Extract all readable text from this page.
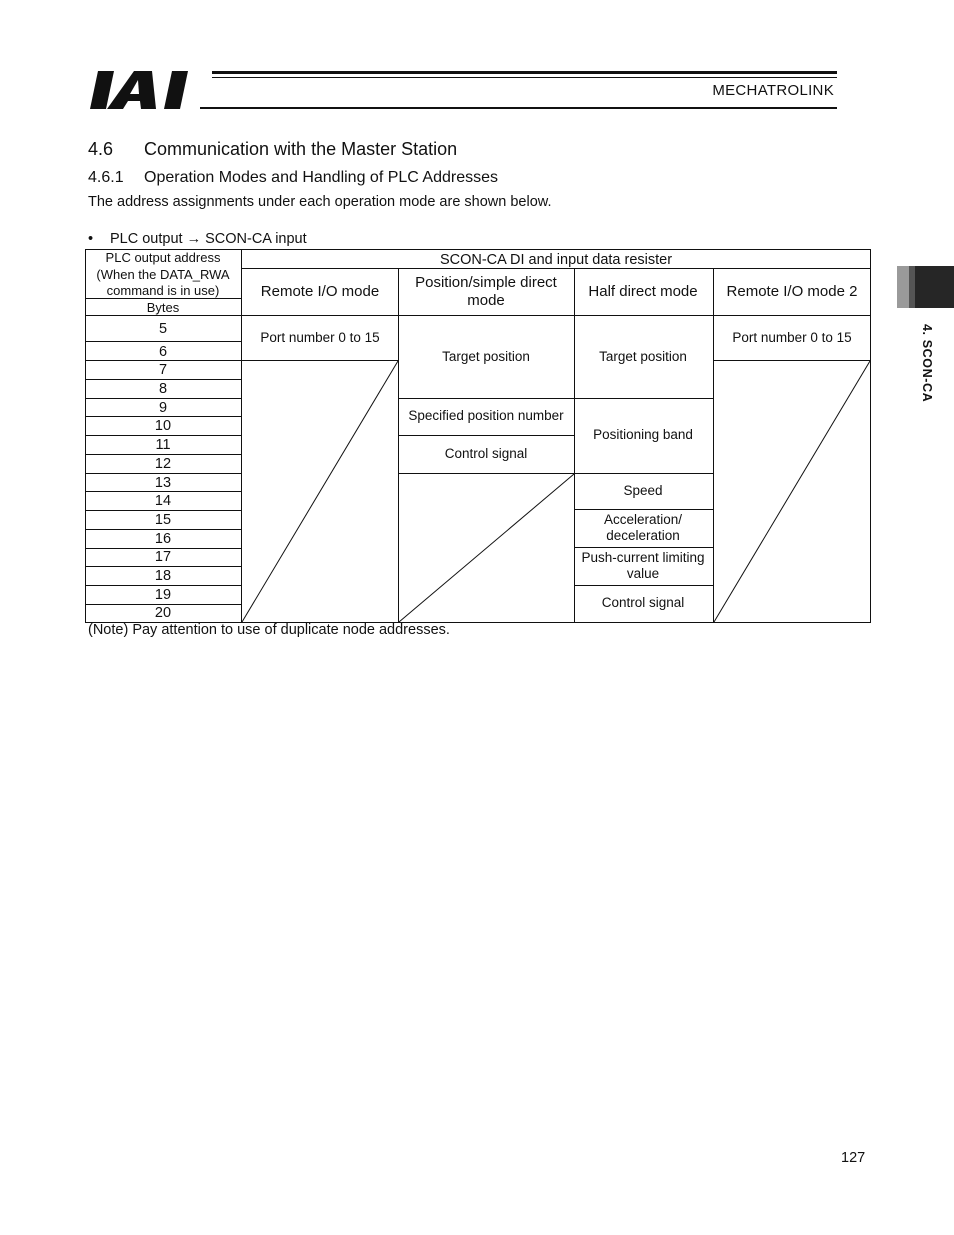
IAI
MECHATROLINK
4.6 Communication with the Master Station
4.6.1 Operation Modes and Handling of PLC Addresses
The address assignments under each operation mode are shown below.
• PLC output → SCON-CA input
PLC output address
(When the DATA_RWA
command is in use)
Bytes
SCON-CA DI and input data resister
Remote I/O mode
Position/simple direct
mode
Half direct mode Remote I/O mode 2
5
6
7
8
9
10
11
12
13
14
15
16
17
18
19
20
Port number 0 to 15
Target position
Specified position number
Control signal
Target position
Positioning band
Speed
Acceleration/
deceleration
Push-current limiting
value
Control signal
Port number 0 to 15
(Note) Pay attention to use of duplicate node addresses.
4. SCON-CA
127
